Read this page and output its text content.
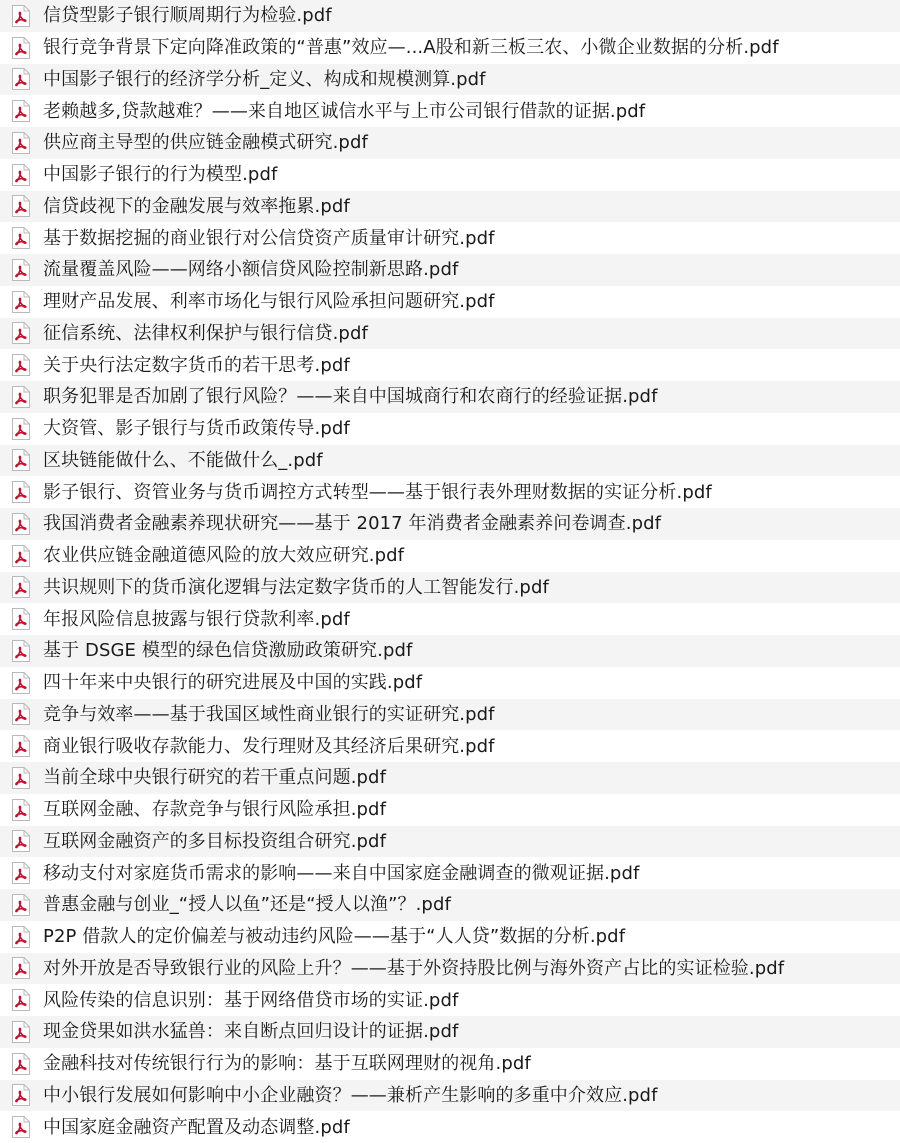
信贷型影子银行顺周期行为检验.pdf
银行竞争背景下定向降准政策的“普惠”效应—...A股和新三板三农、小微企业数据的分析.pdf
中国影子银行的经济学分析_定义、构成和规模测算.pdf
老赖越多,贷款越难？——来自地区诚信水平与上市公司银行借款的证据.pdf
供应商主导型的供应链金融模式研究.pdf
中国影子银行的行为模型.pdf
信贷歧视下的金融发展与效率拖累.pdf
基于数据挖掘的商业银行对公信贷资产质量审计研究.pdf
流量覆盖风险——网络小额信贷风险控制新思路.pdf
理财产品发展、利率市场化与银行风险承担问题研究.pdf
征信系统、法律权利保护与银行信贷.pdf
关于央行法定数字货币的若干思考.pdf
职务犯罪是否加剧了银行风险？——来自中国城商行和农商行的经验证据.pdf
大资管、影子银行与货币政策传导.pdf
区块链能做什么、不能做什么_.pdf
影子银行、资管业务与货币调控方式转型——基于银行表外理财数据的实证分析.pdf
我国消费者金融素养现状研究——基于 2017 年消费者金融素养问卷调查.pdf
农业供应链金融道德风险的放大效应研究.pdf
共识规则下的货币演化逻辑与法定数字货币的人工智能发行.pdf
年报风险信息披露与银行贷款利率.pdf
基于 DSGE 模型的绿色信贷激励政策研究.pdf
四十年来中央银行的研究进展及中国的实践.pdf
竞争与效率——基于我国区域性商业银行的实证研究.pdf
商业银行吸收存款能力、发行理财及其经济后果研究.pdf
当前全球中央银行研究的若干重点问题.pdf
互联网金融、存款竞争与银行风险承担.pdf
互联网金融资产的多目标投资组合研究.pdf
移动支付对家庭货币需求的影响——来自中国家庭金融调查的微观证据.pdf
普惠金融与创业_“授人以鱼”还是“授人以渔”？.pdf
P2P 借款人的定价偏差与被动违约风险——基于“人人贷”数据的分析.pdf
对外开放是否导致银行业的风险上升？——基于外资持股比例与海外资产占比的实证检验.pdf
风险传染的信息识别：基于网络借贷市场的实证.pdf
现金贷果如洪水猛兽：来自断点回归设计的证据.pdf
金融科技对传统银行行为的影响：基于互联网理财的视角.pdf
中小银行发展如何影响中小企业融资？——兼析产生影响的多重中介效应.pdf
中国家庭金融资产配置及动态调整.pdf
